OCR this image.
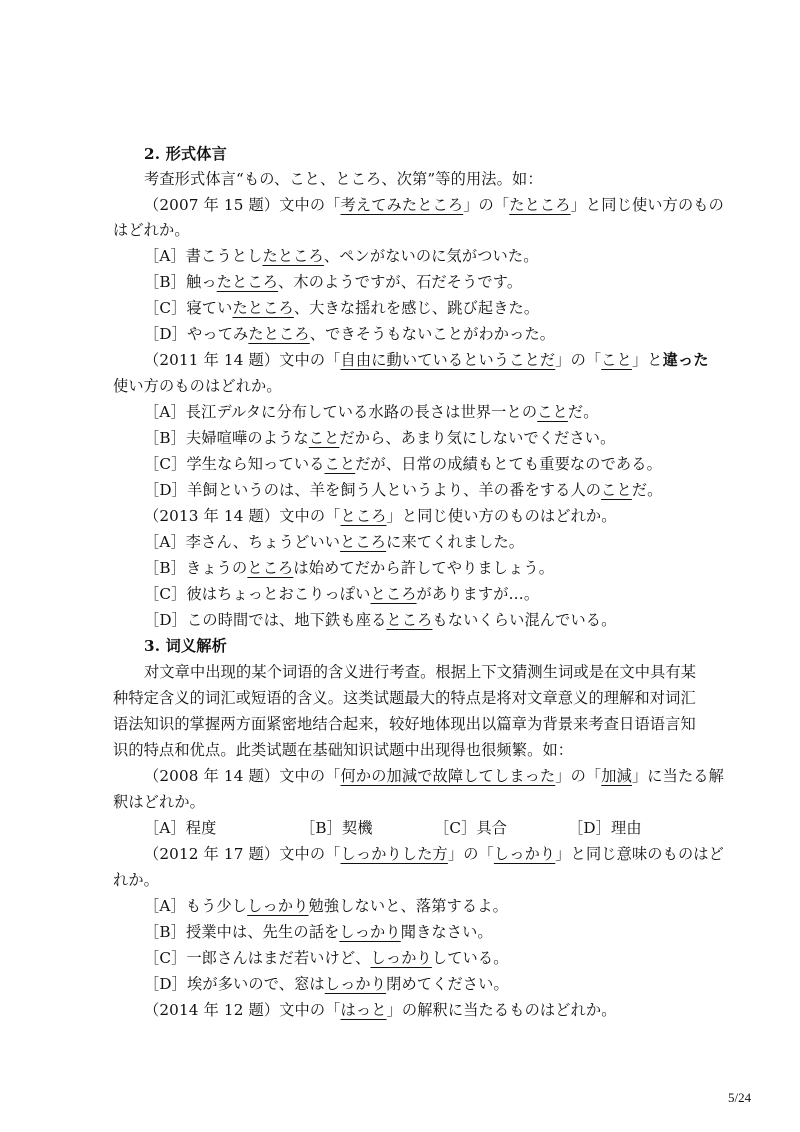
2. 形式体言
考查形式体言“もの、こと、ところ、次第”等的用法。如：
（2007 年 15 题）文中の「考えてみたところ」の「たところ」と同じ使い方のもの
はどれか。
［A］書こうとしたところ、ペンがないのに気がついた。
［B］触ったところ、木のようですが、石だそうです。
［C］寝ていたところ、大きな揺れを感じ、跳び起きた。
［D］やってみたところ、できそうもないことがわかった。
（2011 年 14 题）文中の「自由に動いているということだ」の「こと」と違った
使い方のものはどれか。
［A］長江デルタに分布している水路の長さは世界一とのことだ。
［B］夫婦喧嘩のようなことだから、あまり気にしないでください。
［C］学生なら知っていることだが、日常の成績もとても重要なのである。
［D］羊飼というのは、羊を飼う人というより、羊の番をする人のことだ。
（2013 年 14 题）文中の「ところ」と同じ使い方のものはどれか。
［A］李さん、ちょうどいいところに来てくれました。
［B］きょうのところは始めてだから許してやりましょう。
［C］彼はちょっとおこりっぽいところがありますが…。
［D］この時間では、地下鉄も座るところもないくらい混んでいる。
3. 词义解析
对文章中出现的某个词语的含义进行考查。根据上下文猜测生词或是在文中具有某
种特定含义的词汇或短语的含义。这类试题最大的特点是将对文章意义的理解和对词汇
语法知识的掌握两方面紧密地结合起来，较好地体现出以篇章为背景来考查日语语言知
识的特点和优点。此类试题在基础知识试题中出现得也很频繁。如：
（2008 年 14 题）文中の「何かの加減で故障してしまった」の「加減」に当たる解
釈はどれか。
［A］程度	［B］契機	［C］具合	［D］理由
（2012 年 17 题）文中の「しっかりした方」の「しっかり」と同じ意味のものはど
れか。
［A］もう少ししっかり勉強しないと、落第するよ。
［B］授業中は、先生の話をしっかり聞きなさい。
［C］一郎さんはまだ若いけど、しっかりしている。
［D］埃が多いので、窓はしっかり閉めてください。
（2014 年 12 题）文中の「はっと」の解釈に当たるものはどれか。
5/24
